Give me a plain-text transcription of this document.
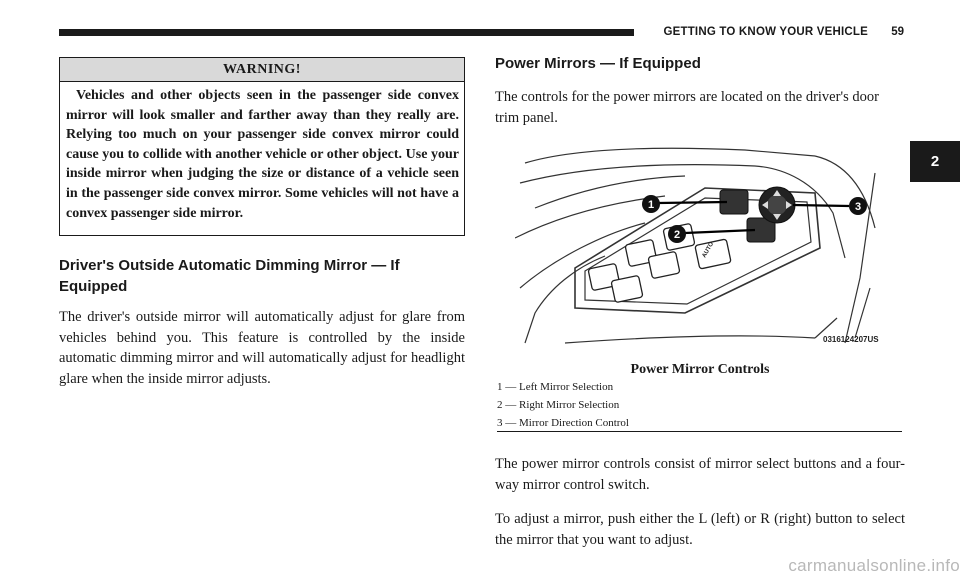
GETTING TO KNOW YOUR VEHICLE	59
2
WARNING!
Vehicles and other objects seen in the passenger side convex mirror will look smaller and farther away than they really are. Relying too much on your passenger side convex mirror could cause you to collide with another vehicle or other object. Use your inside mirror when judging the size or distance of a vehicle seen in the passenger side convex mirror. Some vehicles will not have a convex passenger side mirror.
Driver's Outside Automatic Dimming Mirror — If
Equipped

The driver's outside mirror will automatically adjust for glare from vehicles behind you. This feature is controlled by the inside automatic dimming mirror and will automatically adjust for headlight glare when the inside mirror adjusts.

Power Mirrors — If Equipped

The controls for the power mirrors are located on the driver's door trim panel.

1
2
3
AUTO
0316124207US
Power Mirror Controls
1 — Left Mirror Selection
2 — Right Mirror Selection
3 — Mirror Direction Control

The power mirror controls consist of mirror select buttons and a four-way mirror control switch.

To adjust a mirror, push either the L (left) or R (right) button to select the mirror that you want to adjust.

carmanualsonline.info
